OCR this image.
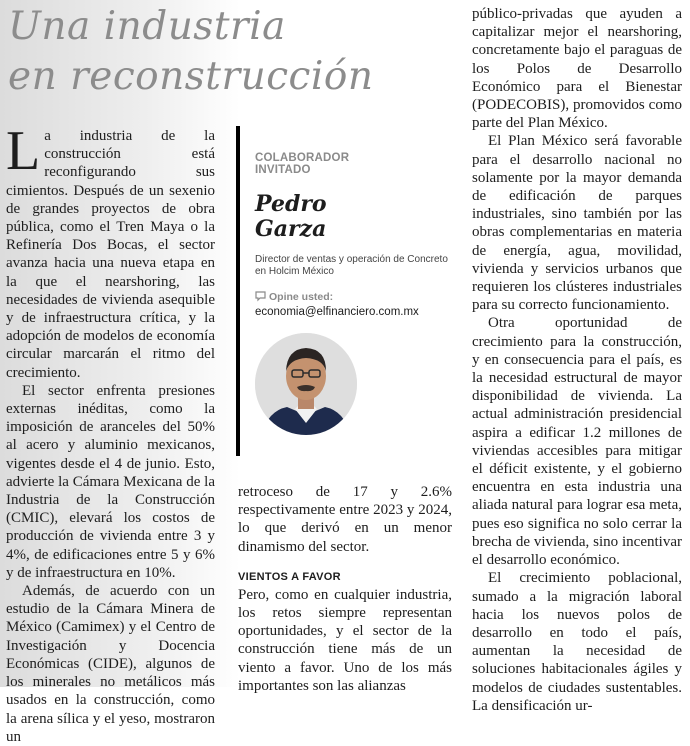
Una industria
en reconstrucción

La industria de la construcción está reconfigurando sus cimientos. Después de un sexenio de grandes proyectos de obra pública, como el Tren Maya o la Refinería Dos Bocas, el sector avanza hacia una nueva etapa en la que el nearshoring, las necesidades de vivienda asequible y de infraestructura crítica, y la adopción de modelos de economía circular marcarán el ritmo del crecimiento.

El sector enfrenta presiones externas inéditas, como la imposición de aranceles del 50% al acero y aluminio mexicanos, vigentes desde el 4 de junio. Esto, advierte la Cámara Mexicana de la Industria de la Construcción (CMIC), elevará los costos de producción de vivienda entre 3 y 4%, de edificaciones entre 5 y 6% y de infraestructura en 10%.

Además, de acuerdo con un estudio de la Cámara Minera de México (Camimex) y el Centro de Investigación y Docencia Económicas (CIDE), algunos de los minerales no metálicos más usados en la construcción, como la arena sílica y el yeso, mostraron un

COLABORADOR
INVITADO
Pedro
Garza
Director de ventas y operación de Concreto en Holcim México
Opine usted:
economia@elfinanciero.com.mx

retroceso de 17 y 2.6% respectivamente entre 2023 y 2024, lo que derivó en un menor dinamismo del sector.

VIENTOS A FAVOR

Pero, como en cualquier industria, los retos siempre representan oportunidades, y el sector de la construcción tiene más de un viento a favor. Uno de los más importantes son las alianzas

público-privadas que ayuden a capitalizar mejor el nearshoring, concretamente bajo el paraguas de los Polos de Desarrollo Económico para el Bienestar (PODECOBIS), promovidos como parte del Plan México.

El Plan México será favorable para el desarrollo nacional no solamente por la mayor demanda de edificación de parques industriales, sino también por las obras complementarias en materia de energía, agua, movilidad, vivienda y servicios urbanos que requieren los clústeres industriales para su correcto funcionamiento.

Otra oportunidad de crecimiento para la construcción, y en consecuencia para el país, es la necesidad estructural de mayor disponibilidad de vivienda. La actual administración presidencial aspira a edificar 1.2 millones de viviendas accesibles para mitigar el déficit existente, y el gobierno encuentra en esta industria una aliada natural para lograr esa meta, pues eso significa no solo cerrar la brecha de vivienda, sino incentivar el desarrollo económico.

El crecimiento poblacional, sumado a la migración laboral hacia los nuevos polos de desarrollo en todo el país, aumentan la necesidad de soluciones habitacionales ágiles y modelos de ciudades sustentables. La densificación ur-
